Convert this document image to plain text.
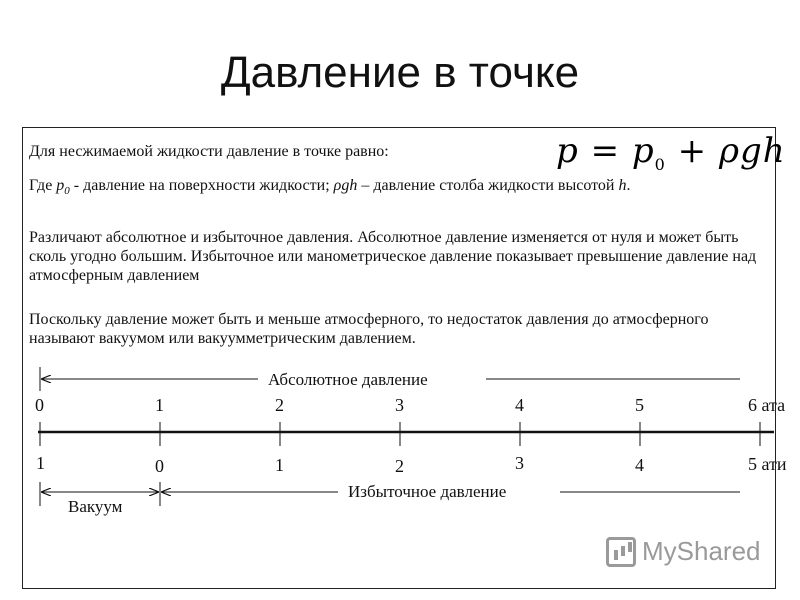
Давление в точке
Для несжимаемой жидкости давление в точке равно:	$p = p_0 + \rho gh$
Где $p_0$ - давление на поверхности жидкости; ρgh – давление столба жидкости высотой h.
Различают абсолютное и избыточное давления. Абсолютное давление изменяется от нуля и может быть сколь угодно большим. Избыточное или манометрическое давление показывает превышение давление над атмосферным давлением
Поскольку давление может быть и меньше атмосферного, то недостаток давления до атмосферного называют вакуумом или вакуумметрическим давлением.
Абсолютное давление
0	1	2	3	4	5	6 ата
1	0	1	2	3	4	5 ати
Вакуум
Избыточное давление
MyShared
